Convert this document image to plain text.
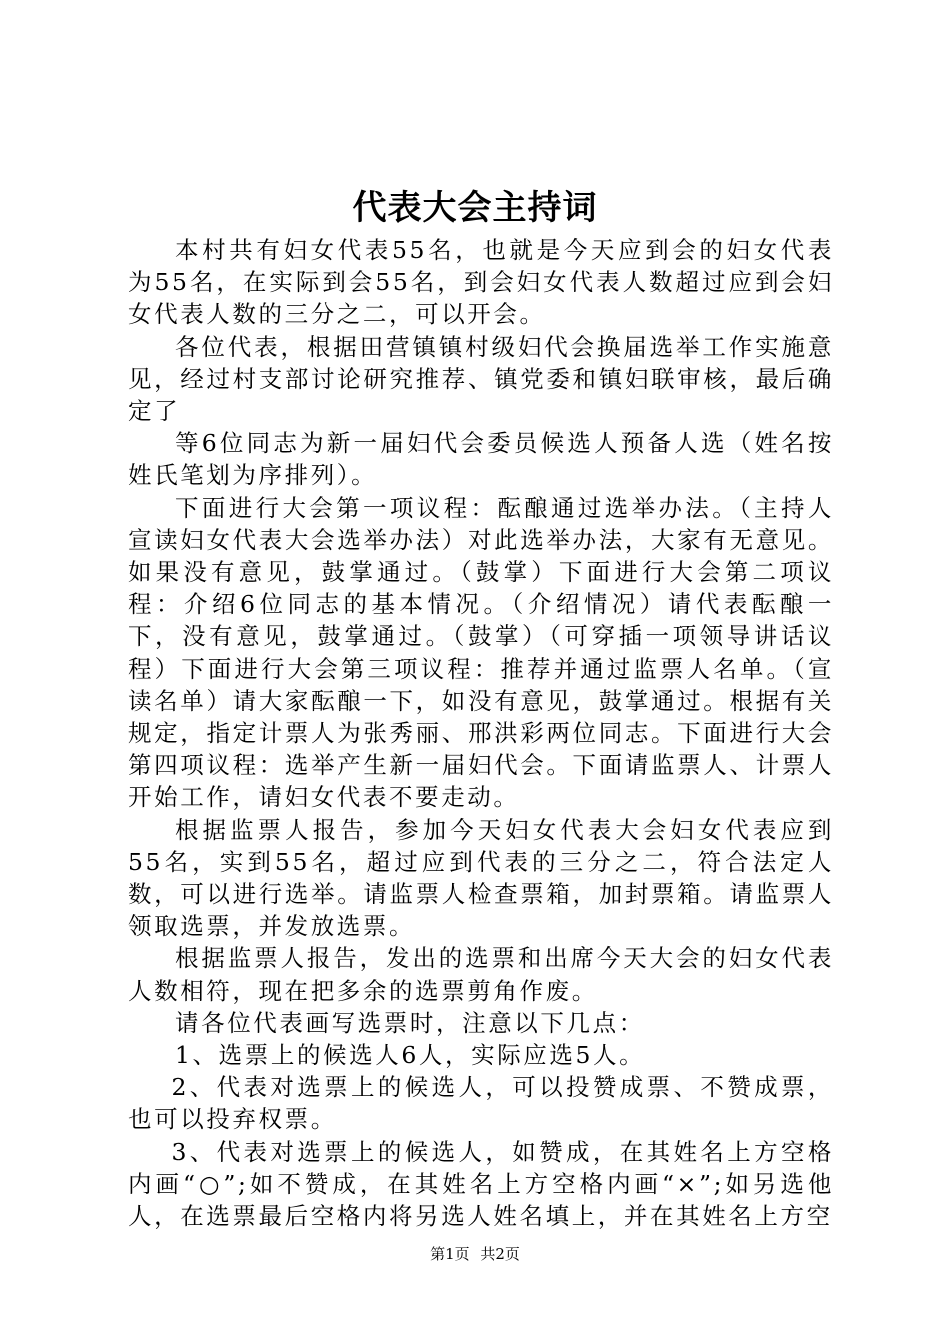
代表大会主持词

本村共有妇女代表55名，也就是今天应到会的妇女代表为55名，在实际到会55名，到会妇女代表人数超过应到会妇女代表人数的三分之二，可以开会。

各位代表，根据田营镇镇村级妇代会换届选举工作实施意见，经过村支部讨论研究推荐、镇党委和镇妇联审核，最后确定了

等6位同志为新一届妇代会委员候选人预备人选（姓名按姓氏笔划为序排列）。

下面进行大会第一项议程：酝酿通过选举办法。（主持人宣读妇女代表大会选举办法）对此选举办法，大家有无意见。如果没有意见，鼓掌通过。（鼓掌）下面进行大会第二项议程：介绍6位同志的基本情况。（介绍情况）请代表酝酿一下，没有意见，鼓掌通过。（鼓掌）（可穿插一项领导讲话议程）下面进行大会第三项议程：推荐并通过监票人名单。（宣读名单）请大家酝酿一下，如没有意见，鼓掌通过。根据有关规定，指定计票人为张秀丽、邢洪彩两位同志。下面进行大会第四项议程：选举产生新一届妇代会。下面请监票人、计票人开始工作，请妇女代表不要走动。

根据监票人报告，参加今天妇女代表大会妇女代表应到55名，实到55名，超过应到代表的三分之二，符合法定人数，可以进行选举。请监票人检查票箱，加封票箱。请监票人领取选票，并发放选票。

根据监票人报告，发出的选票和出席今天大会的妇女代表人数相符，现在把多余的选票剪角作废。

请各位代表画写选票时，注意以下几点：

1、选票上的候选人6人，实际应选5人。

2、代表对选票上的候选人，可以投赞成票、不赞成票，也可以投弃权票。

3、代表对选票上的候选人，如赞成，在其姓名上方空格内画“○”;如不赞成，在其姓名上方空格内画“×”;如另选他人，在选票最后空格内将另选人姓名填上，并在其姓名上方空

第1页 共2页
